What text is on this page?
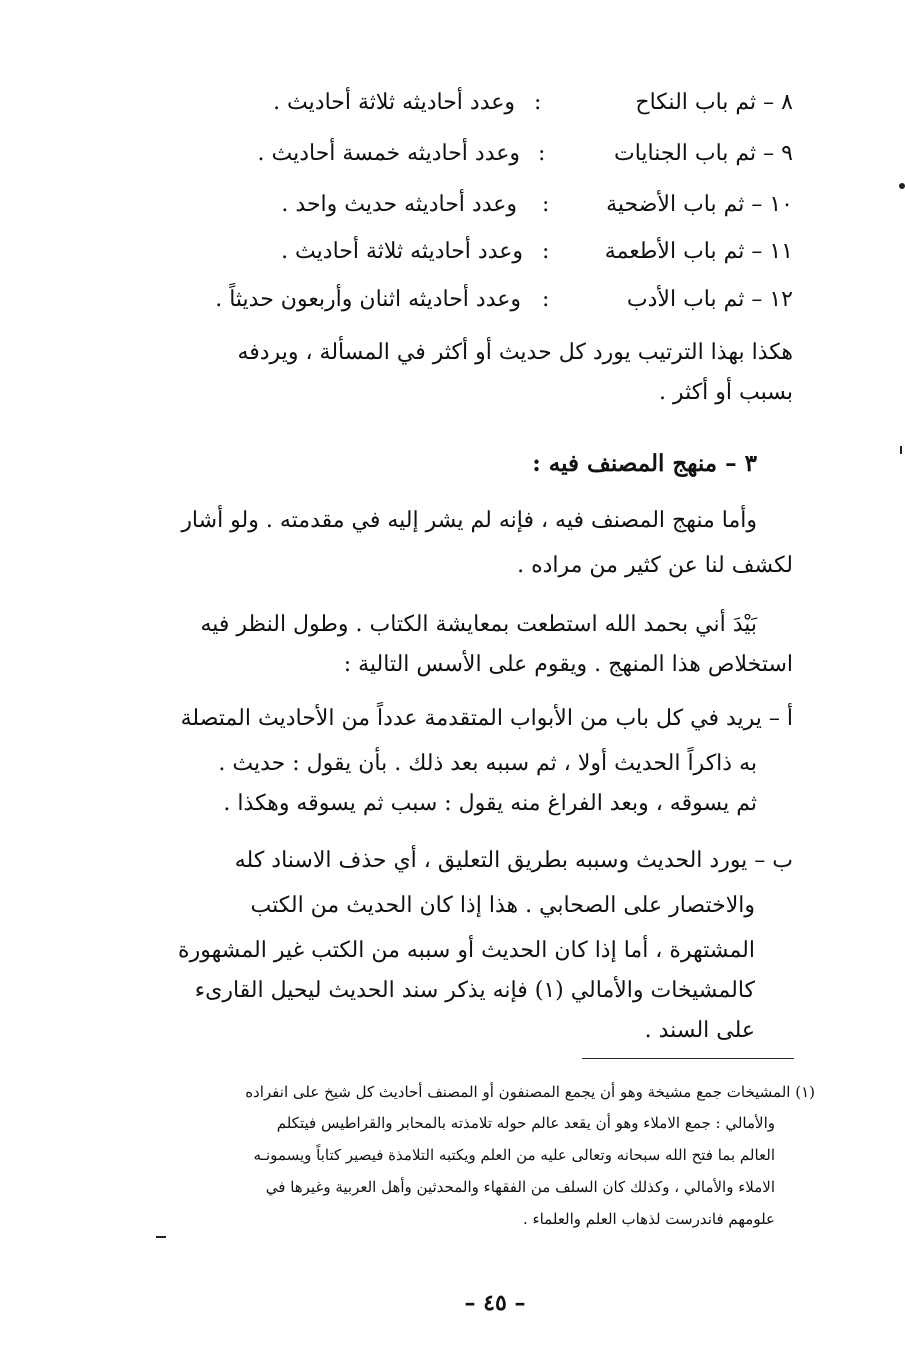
٨ – ثم باب النكاح
:
وعدد أحاديثه ثلاثة أحاديث .
٩ – ثم باب الجنايات
:
وعدد أحاديثه خمسة أحاديث .
١٠ – ثم باب الأضحية
:
وعدد أحاديثه حديث واحد .
١١ – ثم باب الأطعمة
:
وعدد أحاديثه ثلاثة أحاديث .
١٢ – ثم باب الأدب
:
وعدد أحاديثه اثنان وأربعون حديثاً .
هكذا بهذا الترتيب يورد كل حديث أو أكثر في المسألة ، ويردفه
بسبب أو أكثر .
٣ – منهج المصنف فيه :
وأما منهج المصنف فيه ، فإنه لم يشر إليه في مقدمته . ولو أشار
لكشف لنا عن كثير من مراده .
بَيْدَ أني بحمد الله استطعت بمعايشة الكتاب . وطول النظر فيه
استخلاص هذا المنهج . ويقوم على الأسس التالية :
أ – يريد في كل باب من الأبواب المتقدمة عدداً من الأحاديث المتصلة
به ذاكراً الحديث أولا ، ثم سببه بعد ذلك . بأن يقول : حديث .
ثم يسوقه ، وبعد الفراغ منه يقول : سبب ثم يسوقه وهكذا .
ب – يورد الحديث وسببه بطريق التعليق ، أي حذف الاسناد كله
والاختصار على الصحابي . هذا إذا كان الحديث من الكتب
المشتهرة ، أما إذا كان الحديث أو سببه من الكتب غير المشهورة
كالمشيخات والأمالي (١) فإنه يذكر سند الحديث ليحيل القارىء
على السند .
(١) المشيخات جمع مشيخة وهو أن يجمع المصنفون أو المصنف أحاديث كل شيخ على انفراده
والأمالي : جمع الاملاء وهو أن يقعد عالم حوله تلامذته بالمحابر والقراطيس فيتكلم
العالم بما فتح الله سبحانه وتعالى عليه من العلم ويكتبه التلامذة فيصير كتاباً ويسمونـه
الاملاء والأمالي ، وكذلك كان السلف من الفقهاء والمحدثين وأهل العربية وغيرها في
علومهم فاندرست لذهاب العلم والعلماء .
– ٤٥ –
